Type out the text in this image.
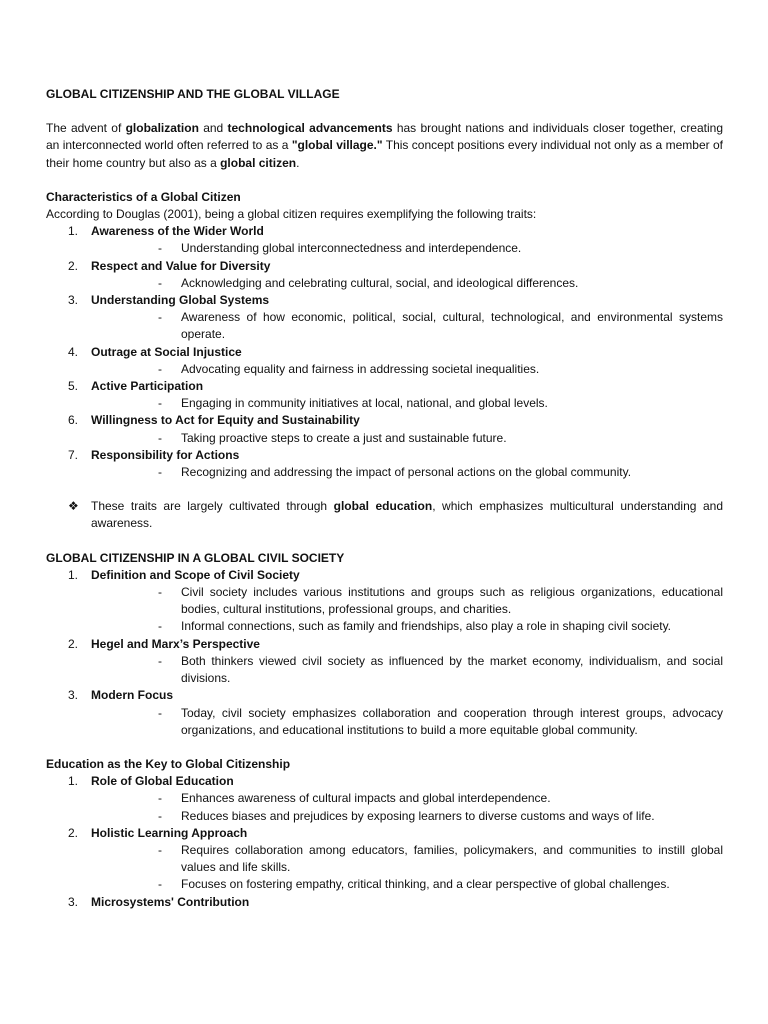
GLOBAL CITIZENSHIP AND THE GLOBAL VILLAGE

The advent of globalization and technological advancements has brought nations and individuals closer together, creating an interconnected world often referred to as a "global village." This concept positions every individual not only as a member of their home country but also as a global citizen.

Characteristics of a Global Citizen

According to Douglas (2001), being a global citizen requires exemplifying the following traits:

1.	Awareness of the Wider World
- Understanding global interconnectedness and interdependence.
2.	Respect and Value for Diversity
- Acknowledging and celebrating cultural, social, and ideological differences.
3.	Understanding Global Systems
- Awareness of how economic, political, social, cultural, technological, and environmental systems operate.
4.	Outrage at Social Injustice
- Advocating equality and fairness in addressing societal inequalities.
5.	Active Participation
- Engaging in community initiatives at local, national, and global levels.
6.	Willingness to Act for Equity and Sustainability
- Taking proactive steps to create a just and sustainable future.
7.	Responsibility for Actions
- Recognizing and addressing the impact of personal actions on the global community.

❖ These traits are largely cultivated through global education, which emphasizes multicultural understanding and awareness.

GLOBAL CITIZENSHIP IN A GLOBAL CIVIL SOCIETY

1.	Definition and Scope of Civil Society
- Civil society includes various institutions and groups such as religious organizations, educational bodies, cultural institutions, professional groups, and charities.
- Informal connections, such as family and friendships, also play a role in shaping civil society.
2.	Hegel and Marx’s Perspective
- Both thinkers viewed civil society as influenced by the market economy, individualism, and social divisions.
3.	Modern Focus
- Today, civil society emphasizes collaboration and cooperation through interest groups, advocacy organizations, and educational institutions to build a more equitable global community.

Education as the Key to Global Citizenship

1.	Role of Global Education
- Enhances awareness of cultural impacts and global interdependence.
- Reduces biases and prejudices by exposing learners to diverse customs and ways of life.
2.	Holistic Learning Approach
- Requires collaboration among educators, families, policymakers, and communities to instill global values and life skills.
- Focuses on fostering empathy, critical thinking, and a clear perspective of global challenges.
3.	Microsystems' Contribution
